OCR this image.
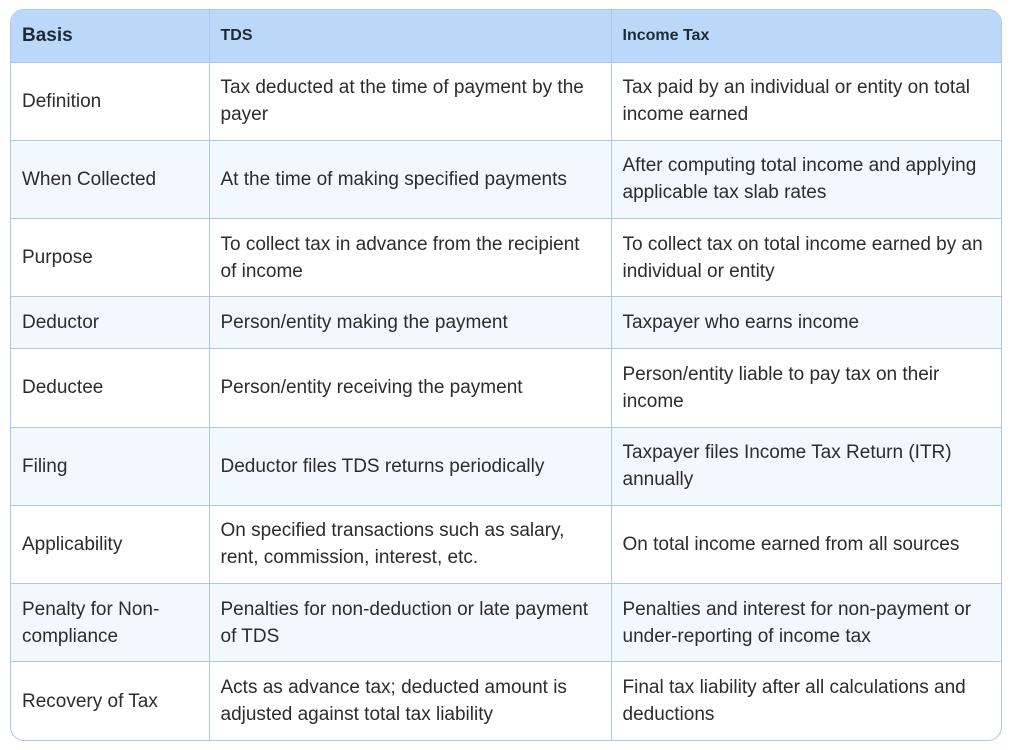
Basis	TDS	Income Tax
Definition	Tax deducted at the time of payment by the payer	Tax paid by an individual or entity on total income earned
When Collected	At the time of making specified payments	After computing total income and applying applicable tax slab rates
Purpose	To collect tax in advance from the recipient of income	To collect tax on total income earned by an individual or entity
Deductor	Person/entity making the payment	Taxpayer who earns income
Deductee	Person/entity receiving the payment	Person/entity liable to pay tax on their income
Filing	Deductor files TDS returns periodically	Taxpayer files Income Tax Return (ITR) annually
Applicability	On specified transactions such as salary, rent, commission, interest, etc.	On total income earned from all sources
Penalty for Non-compliance	Penalties for non-deduction or late payment of TDS	Penalties and interest for non-payment or under-reporting of income tax
Recovery of Tax	Acts as advance tax; deducted amount is adjusted against total tax liability	Final tax liability after all calculations and deductions
